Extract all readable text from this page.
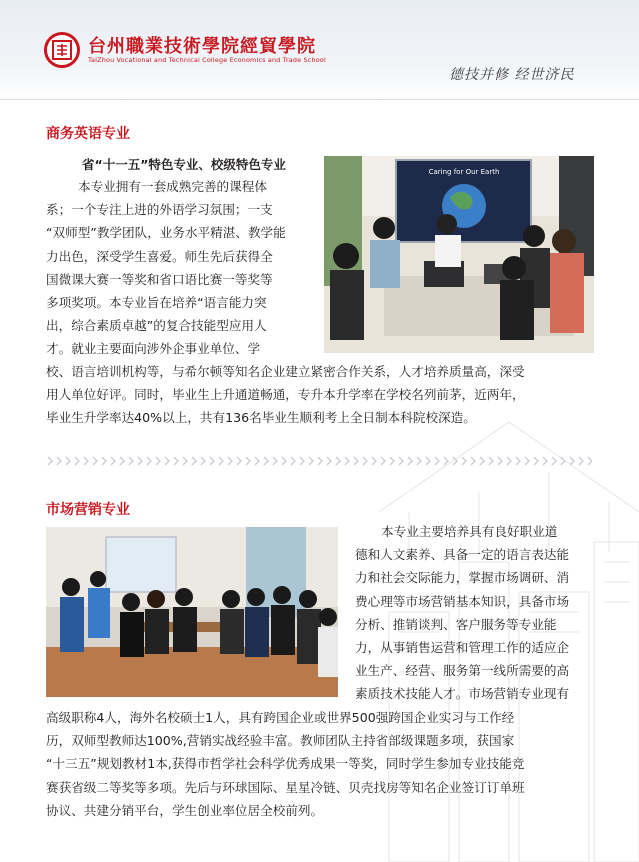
台州職業技術學院經貿學院
TaiZhou Vocational and Technical College Economics and Trade School
德技并修 经世济民
商务英语专业
省“十一五”特色专业、校级特色专业
本专业拥有一套成熟完善的课程体
系；一个专注上进的外语学习氛围；一支
“双师型”教学团队，业务水平精湛、教学能
力出色，深受学生喜爱。师生先后获得全
国微课大赛一等奖和省口语比赛一等奖等
多项奖项。本专业旨在培养“语言能力突
出，综合素质卓越”的复合技能型应用人
才。就业主要面向涉外企事业单位、学
校、语言培训机构等，与希尔顿等知名企业建立紧密合作关系，人才培养质量高，深受
用人单位好评。同时，毕业生上升通道畅通，专升本升学率在学校名列前茅，近两年，
毕业生升学率达40%以上，共有136名毕业生顺利考上全日制本科院校深造。
Caring for Our Earth
市场营销专业
本专业主要培养具有良好职业道
德和人文素养、具备一定的语言表达能
力和社会交际能力，掌握市场调研、消
费心理等市场营销基本知识，具备市场
分析、推销谈判、客户服务等专业能
力，从事销售运营和管理工作的适应企
业生产、经营、服务第一线所需要的高
素质技术技能人才。市场营销专业现有
高级职称4人，海外名校硕士1人，具有跨国企业或世界500强跨国企业实习与工作经
历，双师型教师达100%,营销实战经验丰富。教师团队主持省部级课题多项，获国家
“十三五”规划教材1本,获得市哲学社会科学优秀成果一等奖，同时学生参加专业技能竞
赛获省级二等奖等多项。先后与环球国际、星星冷链、贝壳找房等知名企业签订订单班
协议、共建分销平台，学生创业率位居全校前列。
